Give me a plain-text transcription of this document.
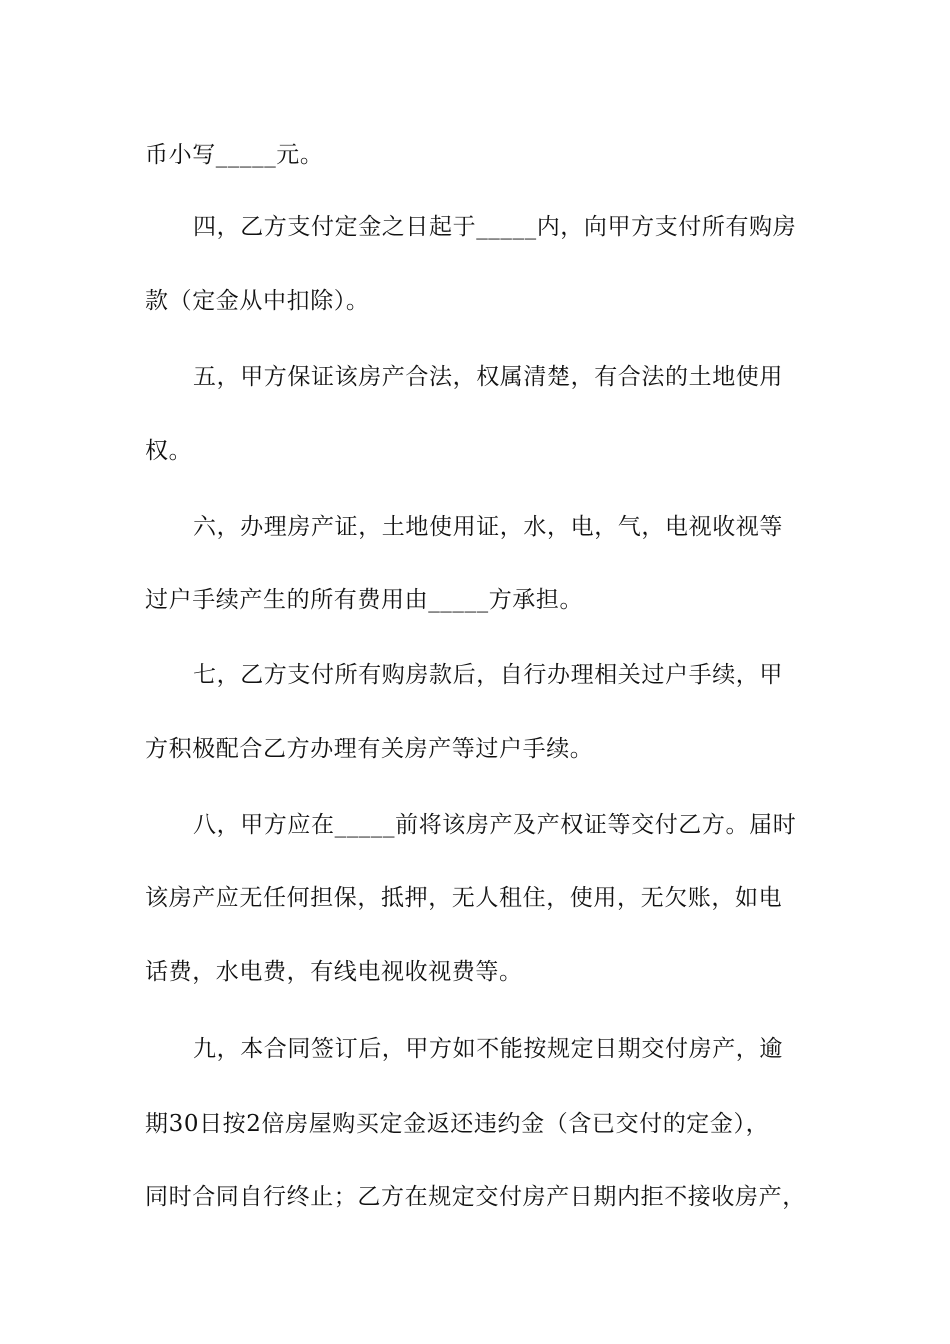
币小写_____元。
四，乙方支付定金之日起于_____内，向甲方支付所有购房
款（定金从中扣除）。
五，甲方保证该房产合法，权属清楚，有合法的土地使用
权。
六，办理房产证，土地使用证，水，电，气，电视收视等
过户手续产生的所有费用由_____方承担。
七，乙方支付所有购房款后，自行办理相关过户手续，甲
方积极配合乙方办理有关房产等过户手续。
八，甲方应在_____前将该房产及产权证等交付乙方。届时
该房产应无任何担保，抵押，无人租住，使用，无欠账，如电
话费，水电费，有线电视收视费等。
九，本合同签订后，甲方如不能按规定日期交付房产，逾
期30日按2倍房屋购买定金返还违约金（含已交付的定金），
同时合同自行终止；乙方在规定交付房产日期内拒不接收房产，
